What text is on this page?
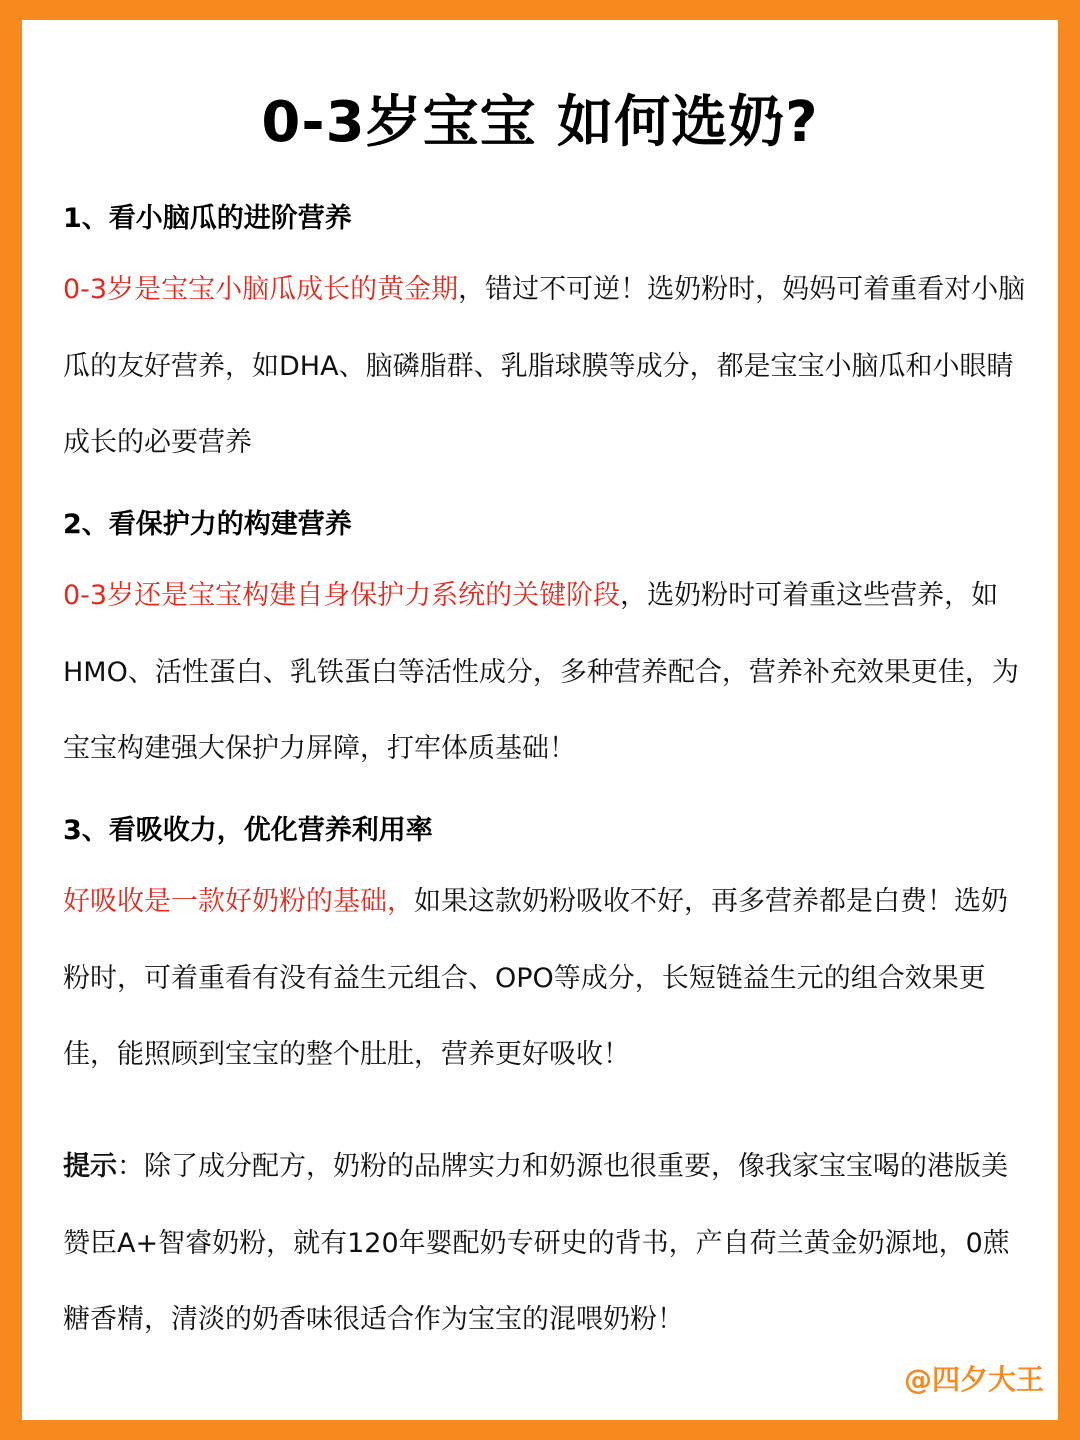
0-3岁宝宝 如何选奶?
1、看小脑瓜的进阶营养
0-3岁是宝宝小脑瓜成长的黄金期，错过不可逆！选奶粉时，妈妈可着重看对小脑瓜的友好营养，如DHA、脑磷脂群、乳脂球膜等成分，都是宝宝小脑瓜和小眼睛成长的必要营养
2、看保护力的构建营养
0-3岁还是宝宝构建自身保护力系统的关键阶段，选奶粉时可着重这些营养，如HMO、活性蛋白、乳铁蛋白等活性成分，多种营养配合，营养补充效果更佳，为宝宝构建强大保护力屏障，打牢体质基础！
3、看吸收力，优化营养利用率
好吸收是一款好奶粉的基础，如果这款奶粉吸收不好，再多营养都是白费！选奶粉时，可着重看有没有益生元组合、OPO等成分，长短链益生元的组合效果更佳，能照顾到宝宝的整个肚肚，营养更好吸收！
提示：除了成分配方，奶粉的品牌实力和奶源也很重要，像我家宝宝喝的港版美赞臣A+智睿奶粉，就有120年婴配奶专研史的背书，产自荷兰黄金奶源地，0蔗糖香精，清淡的奶香味很适合作为宝宝的混喂奶粉！
@四夕大王
